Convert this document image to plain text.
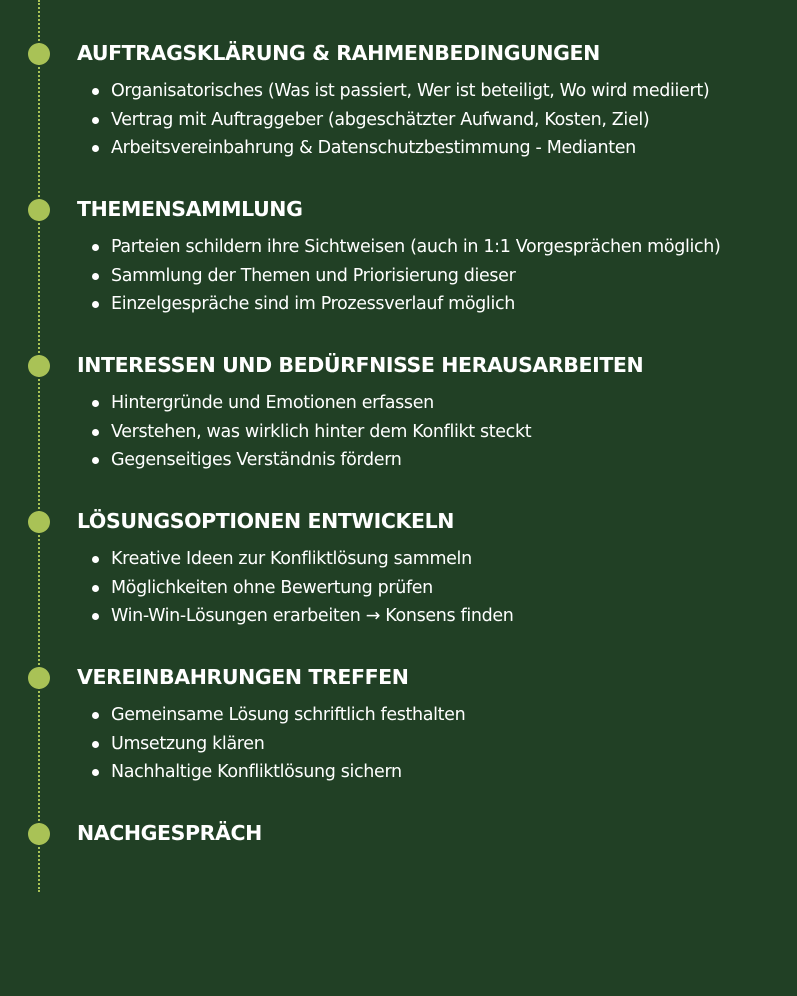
AUFTRAGSKLÄRUNG & RAHMENBEDINGUNGEN
Organisatorisches (Was ist passiert, Wer ist beteiligt, Wo wird mediiert)
Vertrag mit Auftraggeber (abgeschätzter Aufwand, Kosten, Ziel)
Arbeitsvereinbahrung & Datenschutzbestimmung - Medianten
THEMENSAMMLUNG
Parteien schildern ihre Sichtweisen (auch in 1:1 Vorgesprächen möglich)
Sammlung der Themen und Priorisierung dieser
Einzelgespräche sind im Prozessverlauf möglich
INTERESSEN UND BEDÜRFNISSE HERAUSARBEITEN
Hintergründe und Emotionen erfassen
Verstehen, was wirklich hinter dem Konflikt steckt
Gegenseitiges Verständnis fördern
LÖSUNGSOPTIONEN ENTWICKELN
Kreative Ideen zur Konfliktlösung sammeln
Möglichkeiten ohne Bewertung prüfen
Win-Win-Lösungen erarbeiten → Konsens finden
VEREINBAHRUNGEN TREFFEN
Gemeinsame Lösung schriftlich festhalten
Umsetzung klären
Nachhaltige Konfliktlösung sichern
NACHGESPRÄCH
